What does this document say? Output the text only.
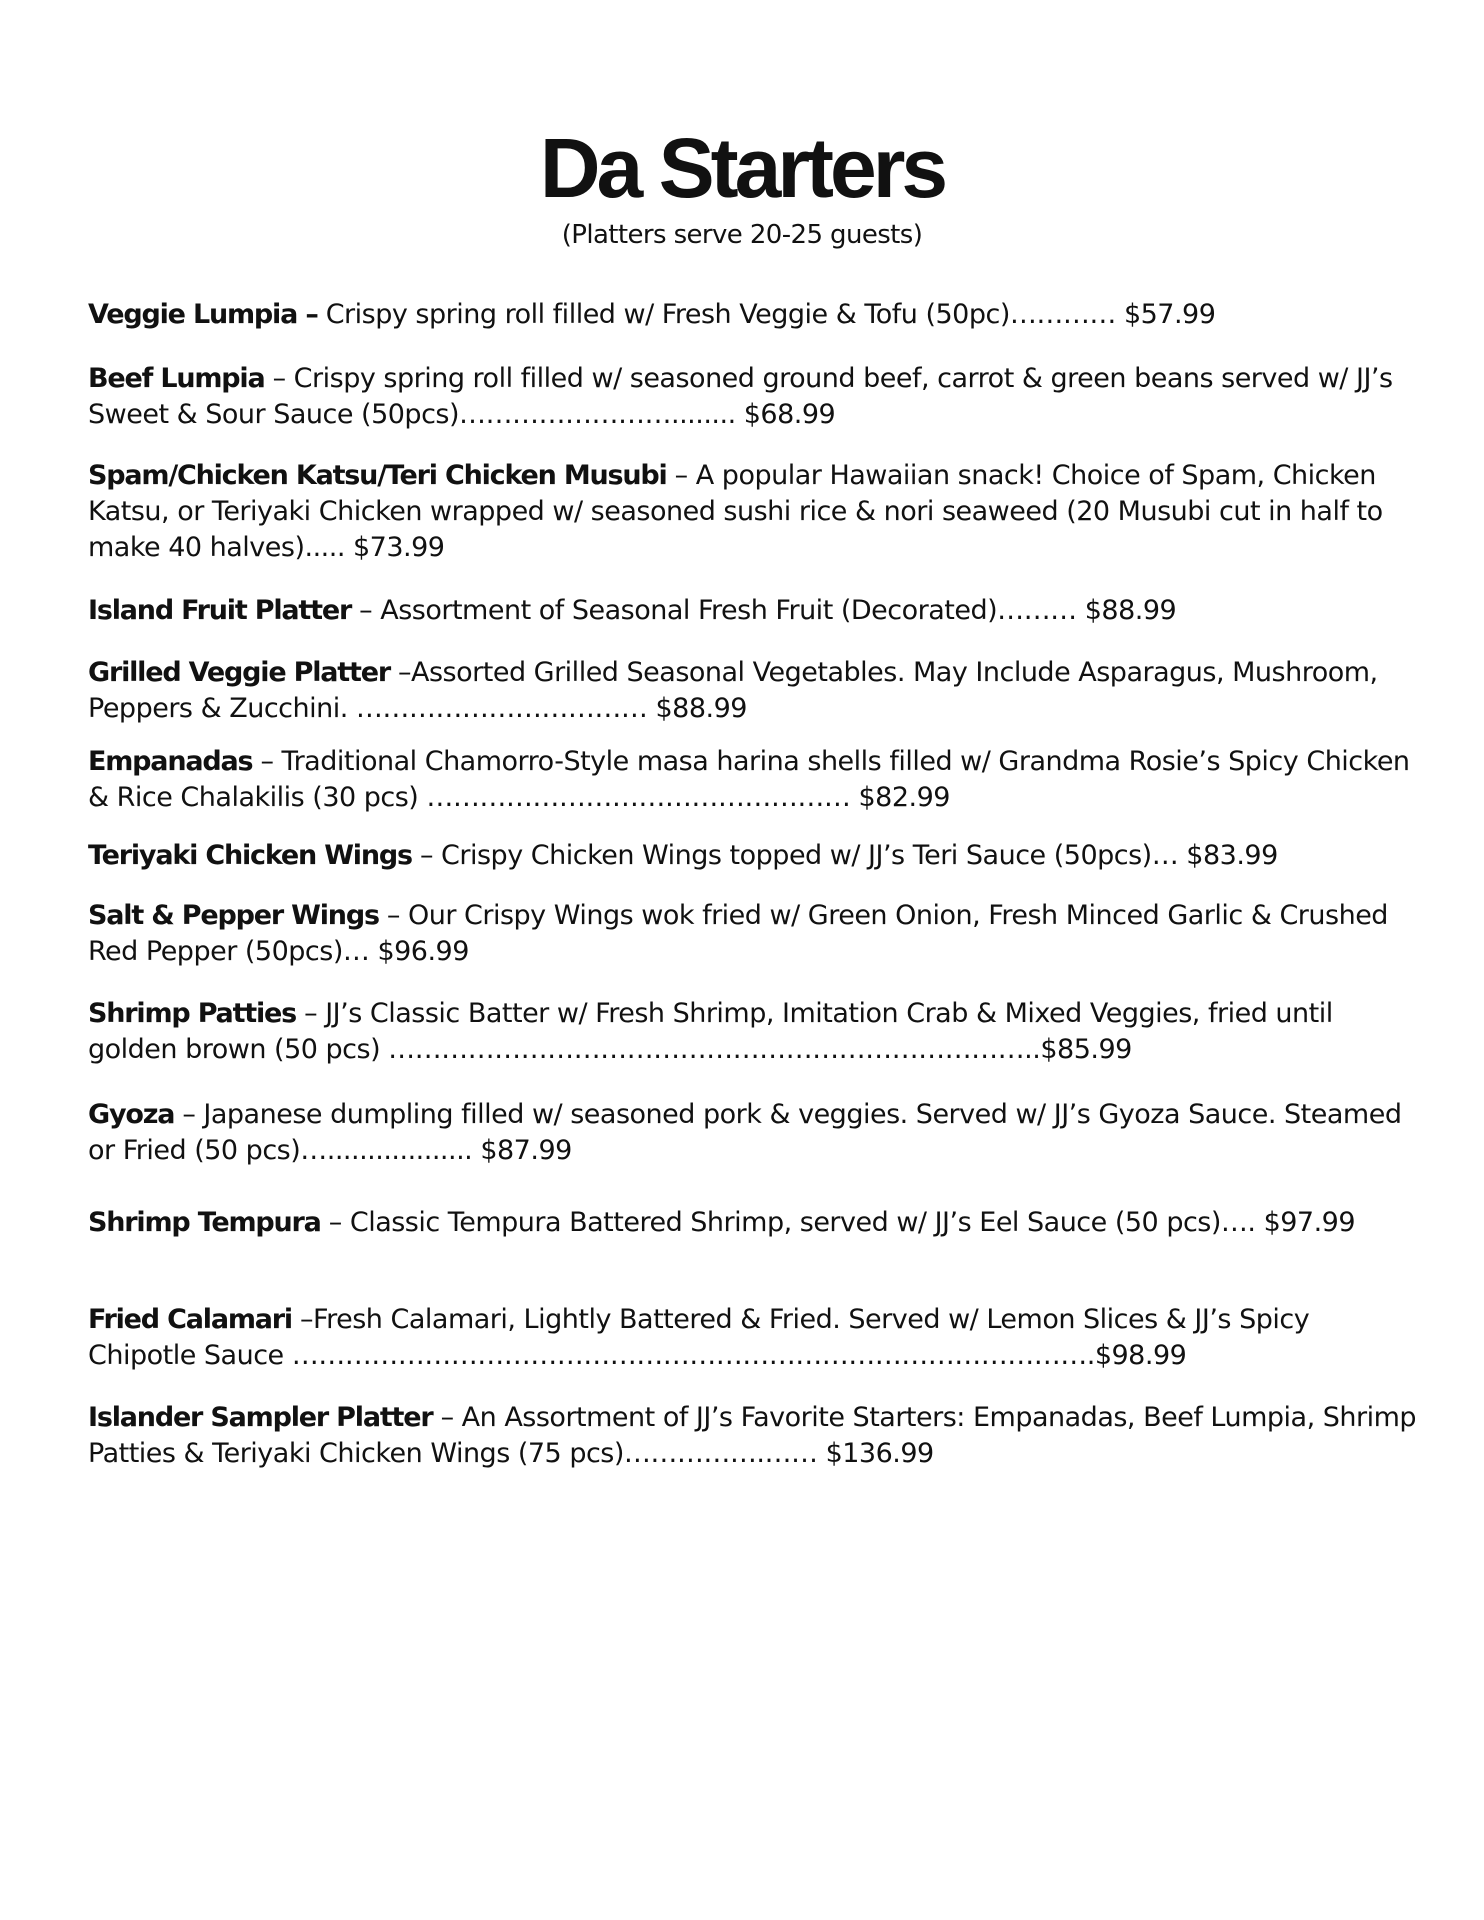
Da Starters
(Platters serve 20-25 guests)
Veggie Lumpia – Crispy spring roll filled w/ Fresh Veggie & Tofu (50pc)………… $57.99
Beef Lumpia – Crispy spring roll filled w/ seasoned ground beef, carrot & green beans served w/ JJ’s Sweet & Sour Sauce (50pcs)……………………........ $68.99
Spam/Chicken Katsu/Teri Chicken Musubi – A popular Hawaiian snack! Choice of Spam, Chicken Katsu, or Teriyaki Chicken wrapped w/ seasoned sushi rice & nori seaweed (20 Musubi cut in half to make 40 halves)..... $73.99
Island Fruit Platter – Assortment of Seasonal Fresh Fruit (Decorated)……… $88.99
Grilled Veggie Platter –Assorted Grilled Seasonal Vegetables. May Include Asparagus, Mushroom, Peppers & Zucchini. …………………………… $88.99
Empanadas – Traditional Chamorro-Style masa harina shells filled w/ Grandma Rosie’s Spicy Chicken & Rice Chalakilis (30 pcs) ………………………………………… $82.99
Teriyaki Chicken Wings – Crispy Chicken Wings topped w/ JJ’s Teri Sauce (50pcs)… $83.99
Salt & Pepper Wings – Our Crispy Wings wok fried w/ Green Onion, Fresh Minced Garlic & Crushed Red Pepper (50pcs)… $96.99
Shrimp Patties – JJ’s Classic Batter w/ Fresh Shrimp, Imitation Crab & Mixed Veggies, fried until golden brown (50 pcs) ………………………………………………………………..$85.99
Gyoza – Japanese dumpling filled w/ seasoned pork & veggies. Served w/ JJ’s Gyoza Sauce. Steamed or Fried (50 pcs)….................. $87.99
Shrimp Tempura – Classic Tempura Battered Shrimp, served w/ JJ’s Eel Sauce (50 pcs)…. $97.99
Fried Calamari –Fresh Calamari, Lightly Battered & Fried. Served w/ Lemon Slices & JJ’s Spicy Chipotle Sauce ……………………………………………………………………………….$98.99
Islander Sampler Platter – An Assortment of JJ’s Favorite Starters: Empanadas, Beef Lumpia, Shrimp Patties & Teriyaki Chicken Wings (75 pcs)…………….…… $136.99
